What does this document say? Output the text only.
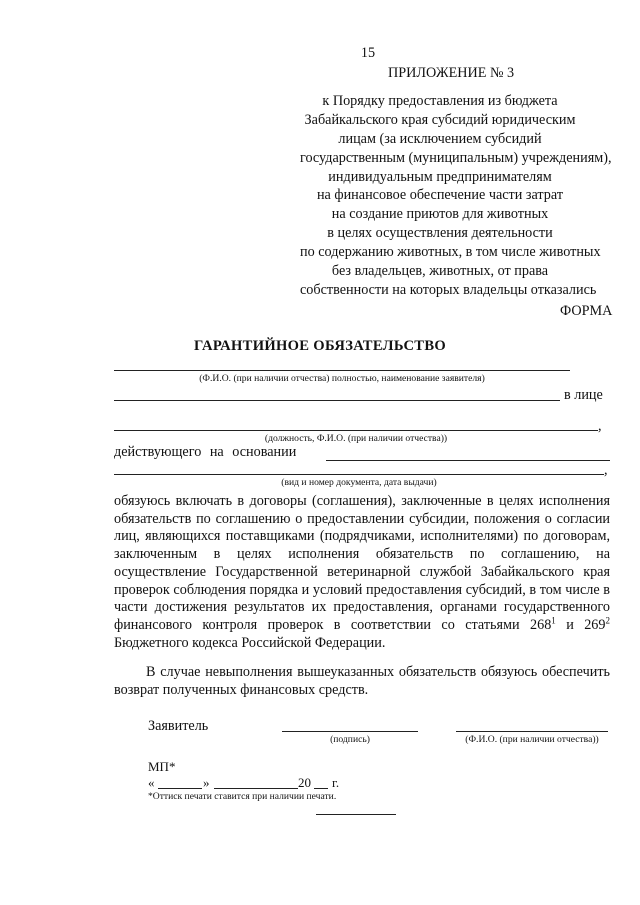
15
ПРИЛОЖЕНИЕ № 3
к Порядку предоставления из бюджета
Забайкальского края субсидий юридическим
лицам (за исключением субсидий
государственным (муниципальным) учреждениям),
индивидуальным предпринимателям
на финансовое обеспечение части затрат
на создание приютов для животных
в целях осуществления деятельности
по содержанию животных, в том числе животных
без владельцев, животных, от права
собственности на которых владельцы отказались
ФОРМА
ГАРАНТИЙНОЕ ОБЯЗАТЕЛЬСТВО
(Ф.И.О. (при наличии отчества) полностью, наименование заявителя)
в лице
,
(должность, Ф.И.О. (при наличии отчества))
действующего на основании
,
(вид и номер документа, дата выдачи)

обязуюсь включать в договоры (соглашения), заключенные в целях исполнения обязательств по соглашению о предоставлении субсидии, положения о согласии лиц, являющихся поставщиками (подрядчиками, исполнителями) по договорам, заключенным в целях исполнения обязательств по соглашению, на осуществление Государственной ветеринарной службой Забайкальского края проверок соблюдения порядка и условий предоставления субсидий, в том числе в части достижения результатов их предоставления, органами государственного финансового контроля проверок в соответствии со статьями $268^1$ и $269^2$ Бюджетного кодекса Российской Федерации.

В случае невыполнения вышеуказанных обязательств обязуюсь обеспечить возврат полученных финансовых средств.
Заявитель
(подпись)	(Ф.И.О. (при наличии отчества))
МП*
«	»	20 г.
*Оттиск печати ставится при наличии печати.
